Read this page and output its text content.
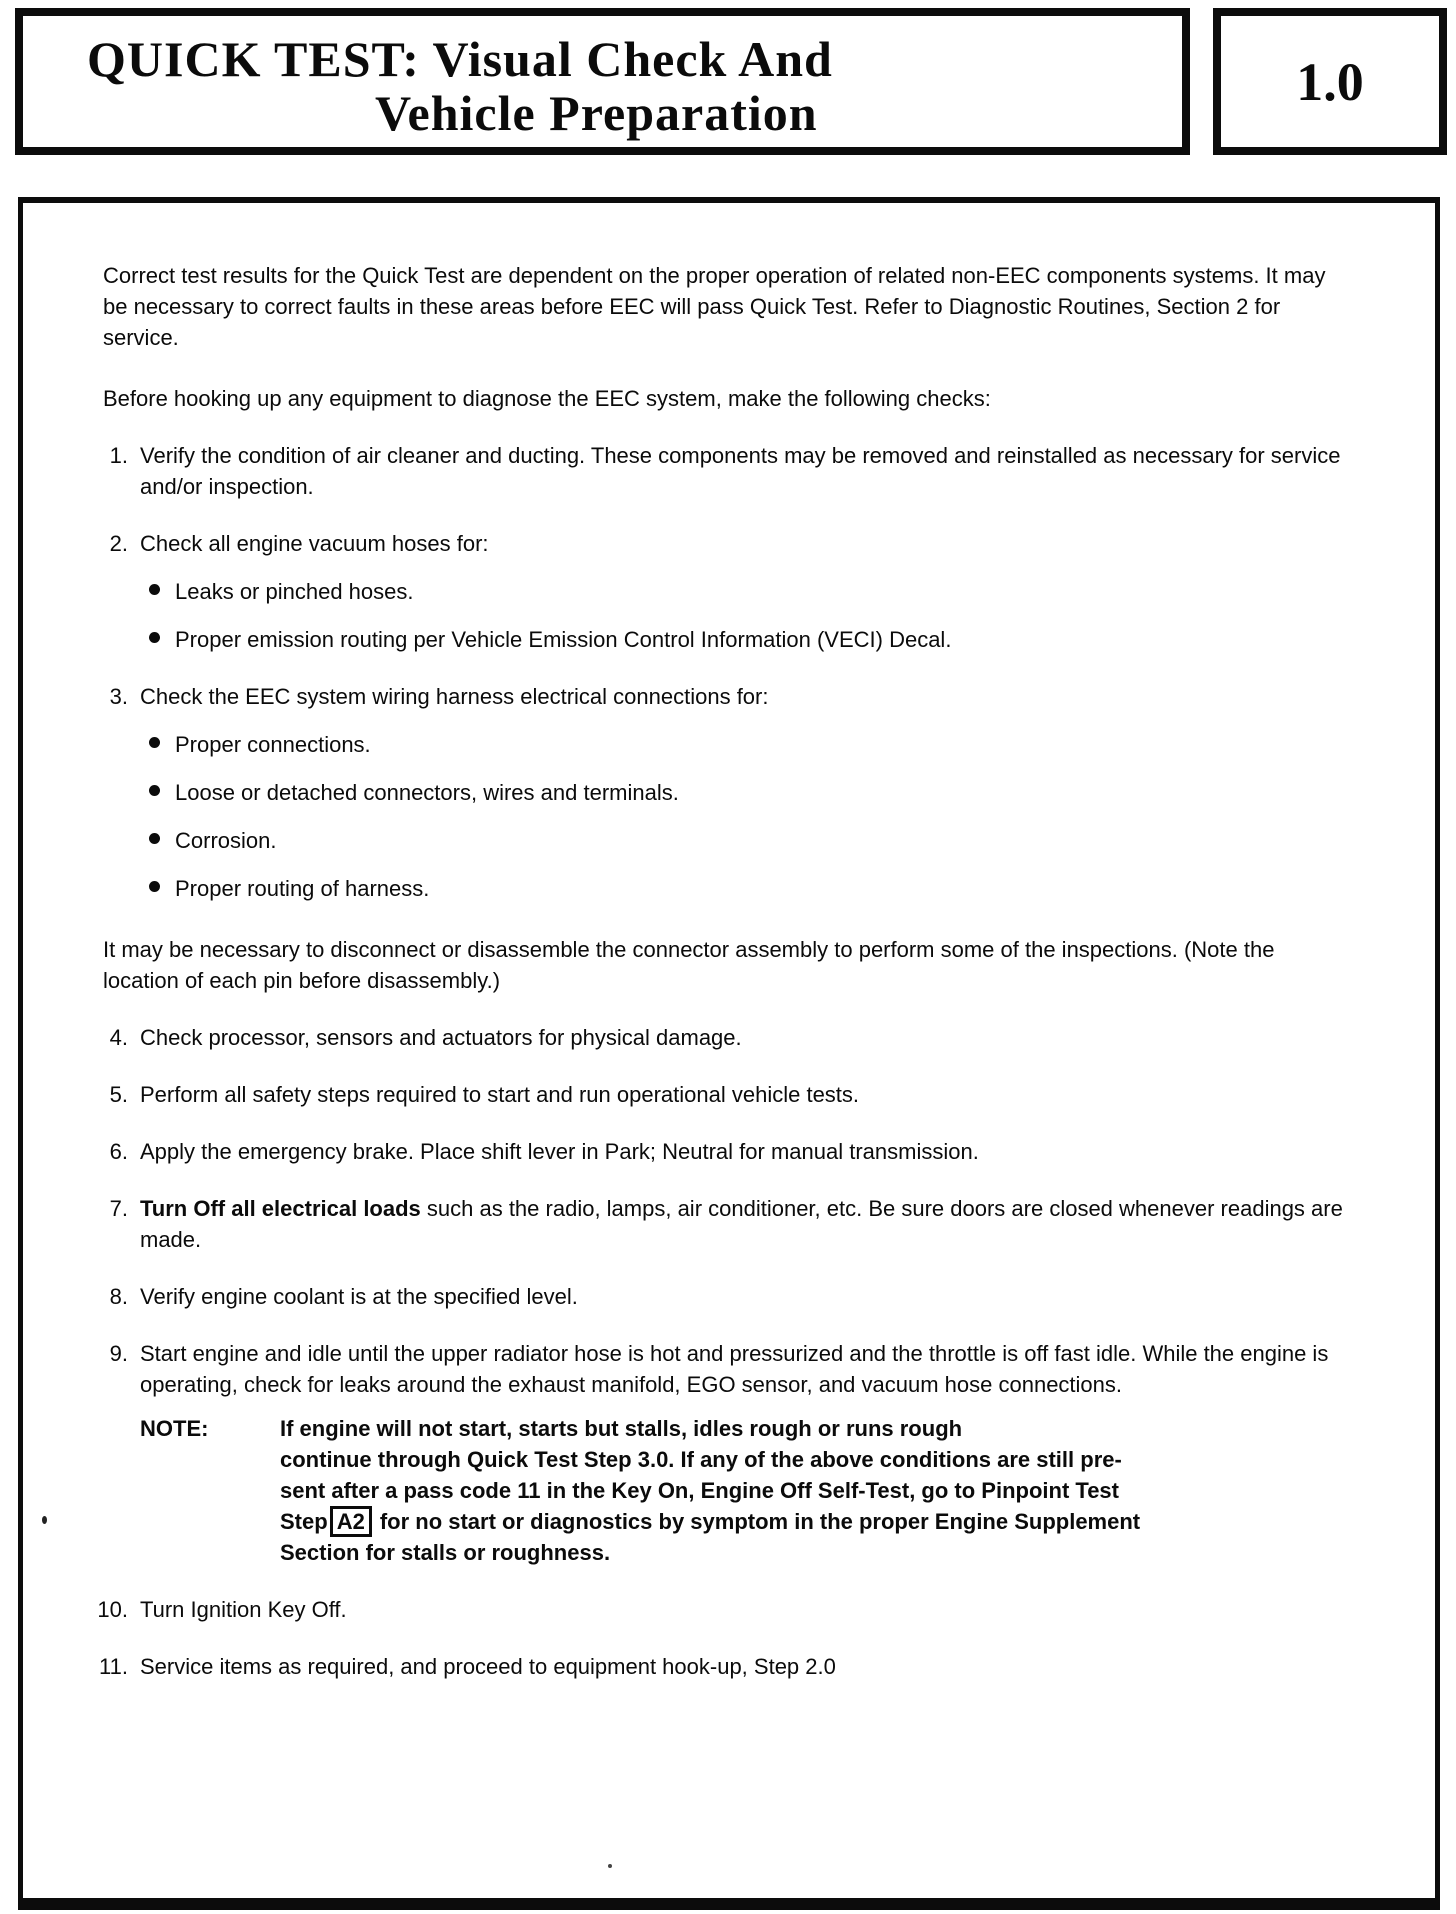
QUICK TEST: Visual Check And
Vehicle Preparation
1.0
Correct test results for the Quick Test are dependent on the proper operation of related non-EEC components systems. It may be necessary to correct faults in these areas before EEC will pass Quick Test. Refer to Diagnostic Routines, Section 2 for service.
Before hooking up any equipment to diagnose the EEC system, make the following checks:
1. Verify the condition of air cleaner and ducting. These components may be removed and reinstalled as necessary for service and/or inspection.
2. Check all engine vacuum hoses for:
Leaks or pinched hoses.
Proper emission routing per Vehicle Emission Control Information (VECI) Decal.
3. Check the EEC system wiring harness electrical connections for:
Proper connections.
Loose or detached connectors, wires and terminals.
Corrosion.
Proper routing of harness.
It may be necessary to disconnect or disassemble the connector assembly to perform some of the inspections. (Note the location of each pin before disassembly.)
4. Check processor, sensors and actuators for physical damage.
5. Perform all safety steps required to start and run operational vehicle tests.
6. Apply the emergency brake. Place shift lever in Park; Neutral for manual transmission.
7. Turn Off all electrical loads such as the radio, lamps, air conditioner, etc. Be sure doors are closed whenever readings are made.
8. Verify engine coolant is at the specified level.
9. Start engine and idle until the upper radiator hose is hot and pressurized and the throttle is off fast idle. While the engine is operating, check for leaks around the exhaust manifold, EGO sensor, and vacuum hose connections.
NOTE:	If engine will not start, starts but stalls, idles rough or runs rough
continue through Quick Test Step 3.0. If any of the above conditions are still pre-
sent after a pass code 11 in the Key On, Engine Off Self-Test, go to Pinpoint Test
Step A2 for no start or diagnostics by symptom in the proper Engine Supplement
Section for stalls or roughness.
10. Turn Ignition Key Off.
11. Service items as required, and proceed to equipment hook-up, Step 2.0
